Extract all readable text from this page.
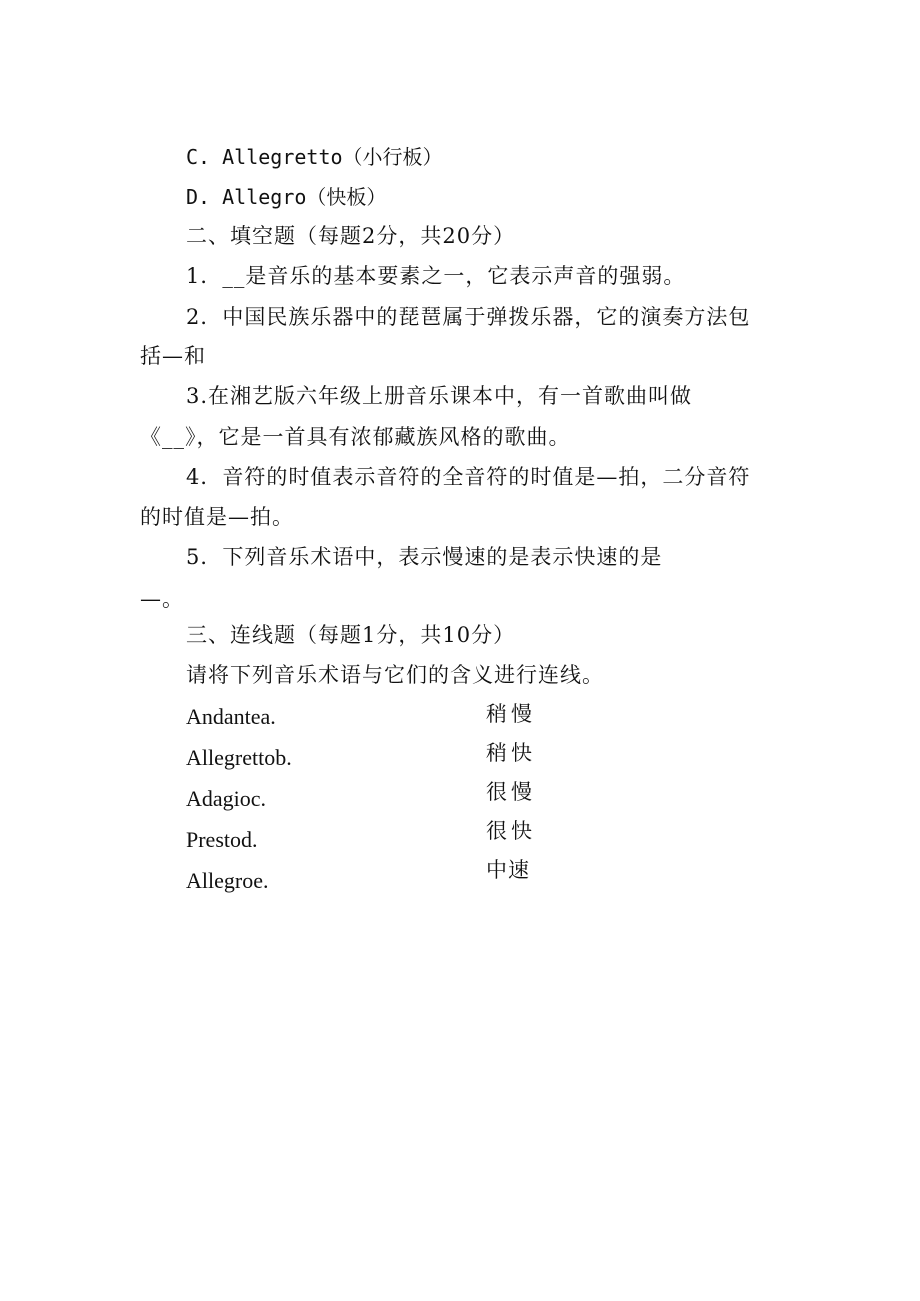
C. Allegretto（小行板）
D. Allegro（快板）
二、填空题（每题2分，共20分）
1．__是音乐的基本要素之一，它表示声音的强弱。
2．中国民族乐器中的琵琶属于弹拨乐器，它的演奏方法包
括—和
3.在湘艺版六年级上册音乐课本中，有一首歌曲叫做
《__》，它是一首具有浓郁藏族风格的歌曲。
4．音符的时值表示音符的全音符的时值是—拍，二分音符
的时值是—拍。
5．下列音乐术语中，表示慢速的是表示快速的是
—。
三、连线题（每题1分，共10分）
请将下列音乐术语与它们的含义进行连线。
Andantea.
Allegrettob.
Adagioc.
Prestod.
Allegroe.
稍慢
稍快
很慢
很快
中速
